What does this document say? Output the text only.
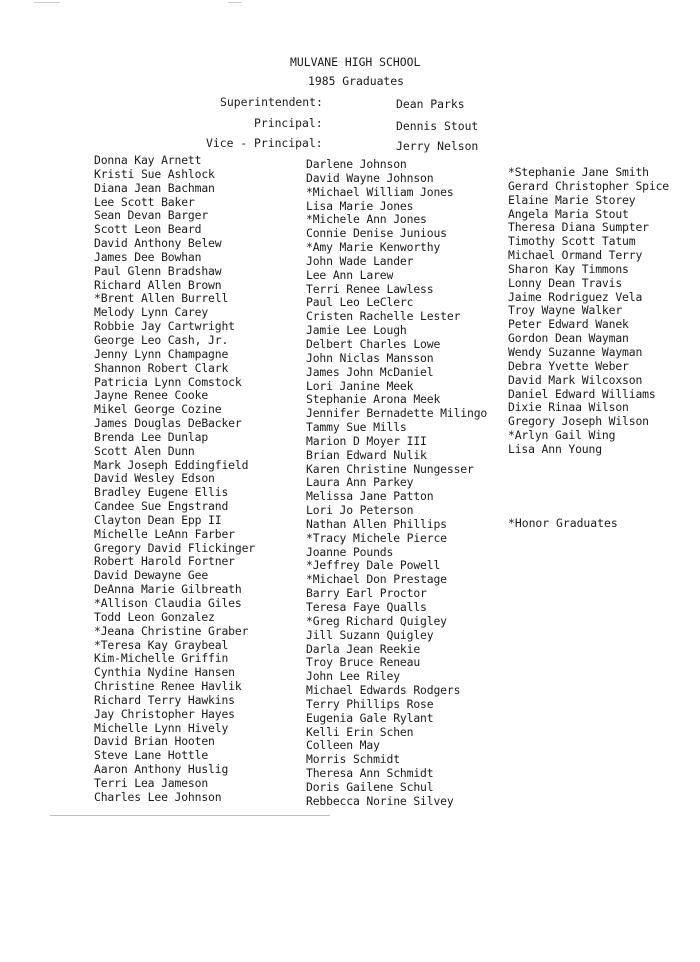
MULVANE HIGH SCHOOL
1985 Graduates
Superintendent:	Dean Parks
Principal:	Dennis Stout
Vice - Principal:	Jerry Nelson
Donna Kay Arnett
Kristi Sue Ashlock
Diana Jean Bachman
Lee Scott Baker
Sean Devan Barger
Scott Leon Beard
David Anthony Belew
James Dee Bowhan
Paul Glenn Bradshaw
Richard Allen Brown
*Brent Allen Burrell
Melody Lynn Carey
Robbie Jay Cartwright
George Leo Cash, Jr.
Jenny Lynn Champagne
Shannon Robert Clark
Patricia Lynn Comstock
Jayne Renee Cooke
Mikel George Cozine
James Douglas DeBacker
Brenda Lee Dunlap
Scott Alen Dunn
Mark Joseph Eddingfield
David Wesley Edson
Bradley Eugene Ellis
Candee Sue Engstrand
Clayton Dean Epp II
Michelle LeAnn Farber
Gregory David Flickinger
Robert Harold Fortner
David Dewayne Gee
DeAnna Marie Gilbreath
*Allison Claudia Giles
Todd Leon Gonzalez
*Jeana Christine Graber
*Teresa Kay Graybeal
Kim-Michelle Griffin
Cynthia Nydine Hansen
Christine Renee Havlik
Richard Terry Hawkins
Jay Christopher Hayes
Michelle Lynn Hively
David Brian Hooten
Steve Lane Hottle
Aaron Anthony Huslig
Terri Lea Jameson
Charles Lee Johnson
Darlene Johnson
David Wayne Johnson
*Michael William Jones
Lisa Marie Jones
*Michele Ann Jones
Connie Denise Junious
*Amy Marie Kenworthy
John Wade Lander
Lee Ann Larew
Terri Renee Lawless
Paul Leo LeClerc
Cristen Rachelle Lester
Jamie Lee Lough
Delbert Charles Lowe
John Niclas Mansson
James John McDaniel
Lori Janine Meek
Stephanie Arona Meek
Jennifer Bernadette Milingo
Tammy Sue Mills
Marion D Moyer III
Brian Edward Nulik
Karen Christine Nungesser
Laura Ann Parkey
Melissa Jane Patton
Lori Jo Peterson
Nathan Allen Phillips
*Tracy Michele Pierce
Joanne Pounds
*Jeffrey Dale Powell
*Michael Don Prestage
Barry Earl Proctor
Teresa Faye Qualls
*Greg Richard Quigley
Jill Suzann Quigley
Darla Jean Reekie
Troy Bruce Reneau
John Lee Riley
Michael Edwards Rodgers
Terry Phillips Rose
Eugenia Gale Rylant
Kelli Erin Schen
Colleen May
Morris Schmidt
Theresa Ann Schmidt
Doris Gailene Schul
Rebbecca Norine Silvey
*Stephanie Jane Smith
Gerard Christopher Spice
Elaine Marie Storey
Angela Maria Stout
Theresa Diana Sumpter
Timothy Scott Tatum
Michael Ormand Terry
Sharon Kay Timmons
Lonny Dean Travis
Jaime Rodriguez Vela
Troy Wayne Walker
Peter Edward Wanek
Gordon Dean Wayman
Wendy Suzanne Wayman
Debra Yvette Weber
David Mark Wilcoxson
Daniel Edward Williams
Dixie Rinaa Wilson
Gregory Joseph Wilson
*Arlyn Gail Wing
Lisa Ann Young
*Honor Graduates
